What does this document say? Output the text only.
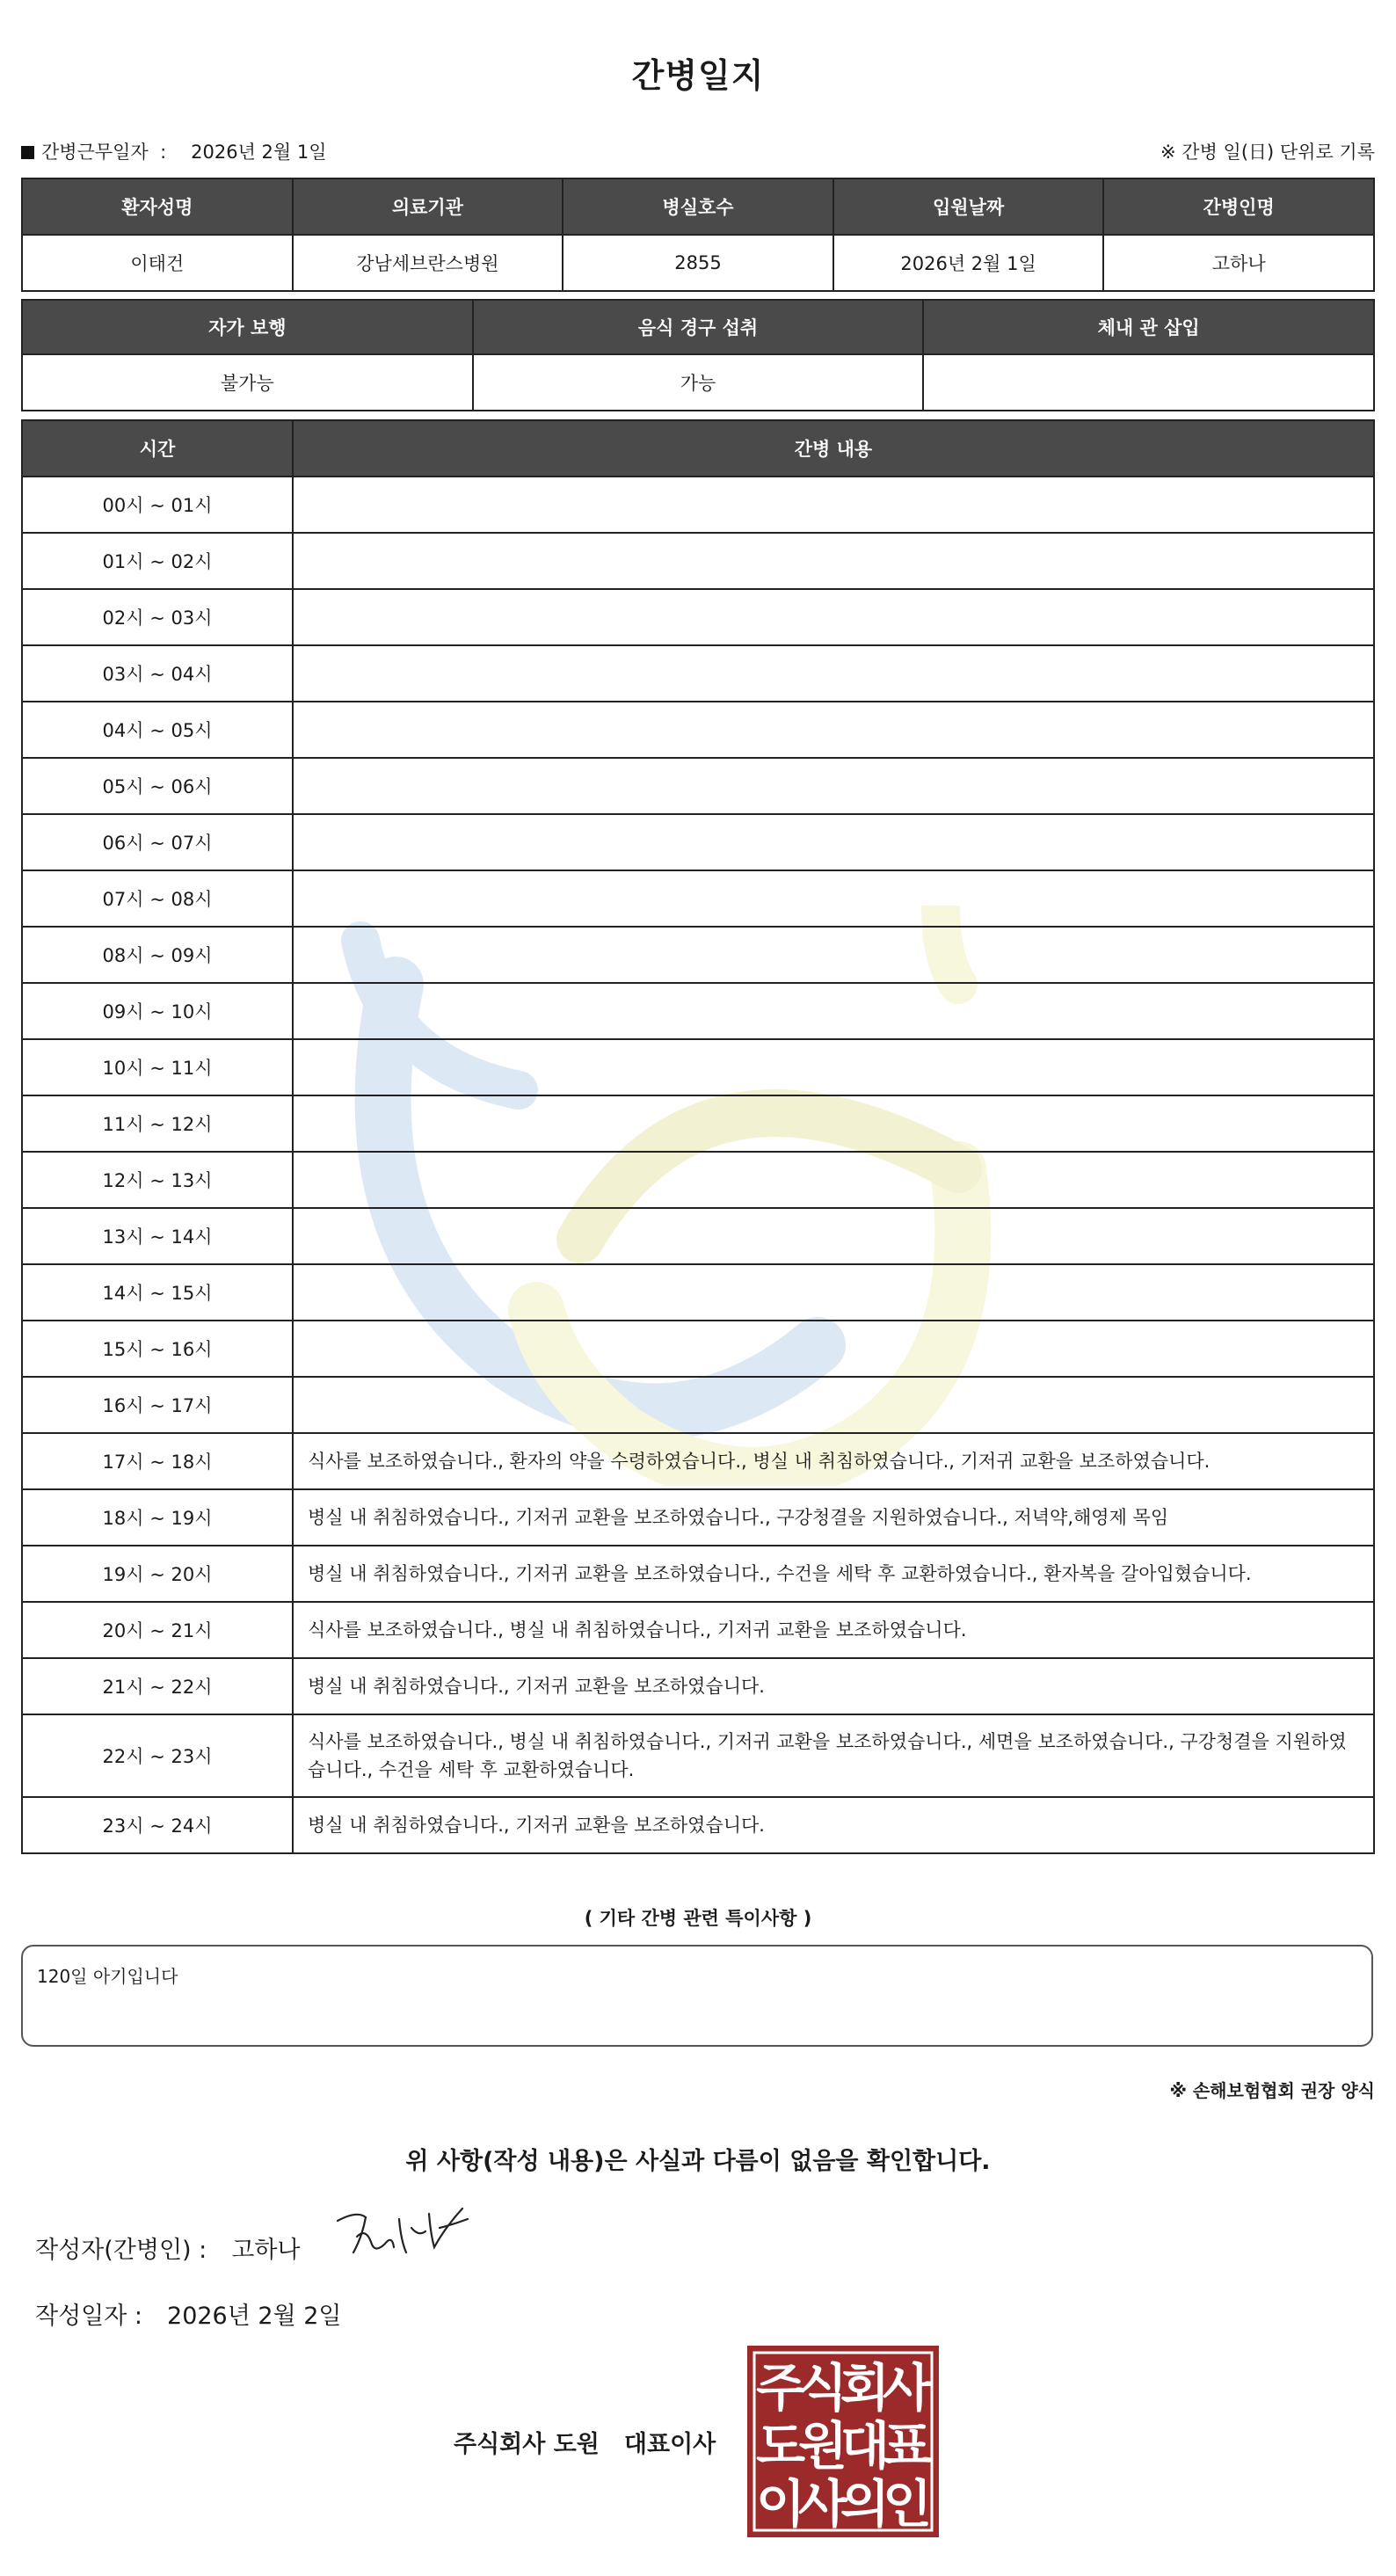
간병일지
간병근무일자 : 2026년 2월 1일	※ 간병 일(日) 단위로 기록
환자성명	의료기관	병실호수	입원날짜	간병인명
이태건	강남세브란스병원	2855	2026년 2월 1일	고하나
자가 보행	음식 경구 섭취	체내 관 삽입
불가능	가능	
시간	간병 내용
00시 ~ 01시	
01시 ~ 02시	
02시 ~ 03시	
03시 ~ 04시	
04시 ~ 05시	
05시 ~ 06시	
06시 ~ 07시	
07시 ~ 08시	
08시 ~ 09시	
09시 ~ 10시	
10시 ~ 11시	
11시 ~ 12시	
12시 ~ 13시	
13시 ~ 14시	
14시 ~ 15시	
15시 ~ 16시	
16시 ~ 17시	
17시 ~ 18시	식사를 보조하였습니다., 환자의 약을 수령하였습니다., 병실 내 취침하였습니다., 기저귀 교환을 보조하였습니다.
18시 ~ 19시	병실 내 취침하였습니다., 기저귀 교환을 보조하였습니다., 구강청결을 지원하였습니다., 저녁약,해영제 목임
19시 ~ 20시	병실 내 취침하였습니다., 기저귀 교환을 보조하였습니다., 수건을 세탁 후 교환하였습니다., 환자복을 갈아입혔습니다.
20시 ~ 21시	식사를 보조하였습니다., 병실 내 취침하였습니다., 기저귀 교환을 보조하였습니다.
21시 ~ 22시	병실 내 취침하였습니다., 기저귀 교환을 보조하였습니다.
22시 ~ 23시	식사를 보조하였습니다., 병실 내 취침하였습니다., 기저귀 교환을 보조하였습니다., 세면을 보조하였습니다., 구강청결을 지원하였습니다., 수건을 세탁 후 교환하였습니다.
23시 ~ 24시	병실 내 취침하였습니다., 기저귀 교환을 보조하였습니다.
( 기타 간병 관련 특이사항 )
120일 아기입니다
※ 손해보험협회 권장 양식
위 사항(작성 내용)은 사실과 다름이 없음을 확인합니다.
작성자(간병인) : 고하나
작성일자 : 2026년 2월 2일
주식회사 도원 대표이사
주
식
회
사
도
원
대
표
이
사
의
인
